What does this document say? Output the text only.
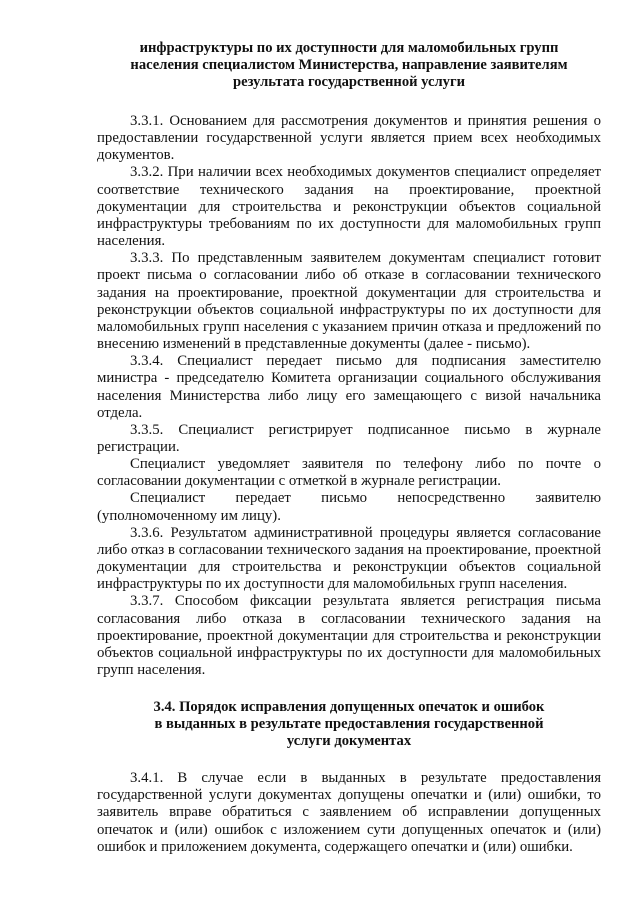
инфраструктуры по их доступности для маломобильных групп
населения специалистом Министерства, направление заявителям
результата государственной услуги

3.3.1. Основанием для рассмотрения документов и принятия решения о предоставлении государственной услуги является прием всех необходимых документов.

3.3.2. При наличии всех необходимых документов специалист определяет соответствие технического задания на проектирование, проектной документации для строительства и реконструкции объектов социальной инфраструктуры требованиям по их доступности для маломобильных групп населения.

3.3.3. По представленным заявителем документам специалист готовит проект письма о согласовании либо об отказе в согласовании технического задания на проектирование, проектной документации для строительства и реконструкции объектов социальной инфраструктуры по их доступности для маломобильных групп населения с указанием причин отказа и предложений по внесению изменений в представленные документы (далее - письмо).

3.3.4. Специалист передает письмо для подписания заместителю министра - председателю Комитета организации социального обслуживания населения Министерства либо лицу его замещающего с визой начальника отдела.

3.3.5. Специалист регистрирует подписанное письмо в журнале регистрации.

Специалист уведомляет заявителя по телефону либо по почте о согласовании документации с отметкой в журнале регистрации.

Специалист передает письмо непосредственно заявителю (уполномоченному им лицу).

3.3.6. Результатом административной процедуры является согласование либо отказ в согласовании технического задания на проектирование, проектной документации для строительства и реконструкции объектов социальной инфраструктуры по их доступности для маломобильных групп населения.

3.3.7. Способом фиксации результата является регистрация письма согласования либо отказа в согласовании технического задания на проектирование, проектной документации для строительства и реконструкции объектов социальной инфраструктуры по их доступности для маломобильных групп населения.

3.4. Порядок исправления допущенных опечаток и ошибок
в выданных в результате предоставления государственной
услуги документах

3.4.1. В случае если в выданных в результате предоставления государственной услуги документах допущены опечатки и (или) ошибки, то заявитель вправе обратиться с заявлением об исправлении допущенных опечаток и (или) ошибок с изложением сути допущенных опечаток и (или) ошибок и приложением документа, содержащего опечатки и (или) ошибки.
